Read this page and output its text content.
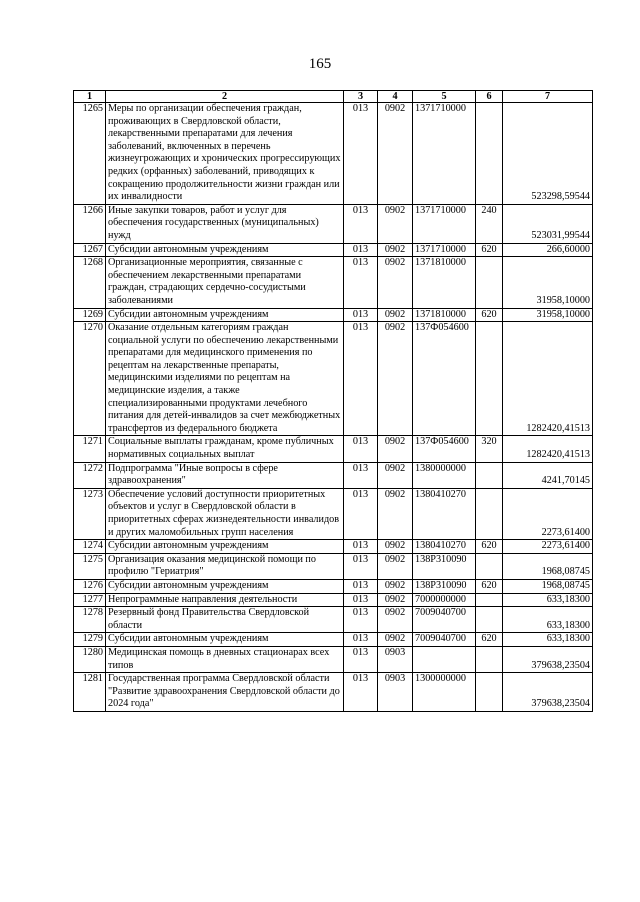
165
1	2	3	4	5	6	7
1265	Меры по организации обеспечения граждан, проживающих в Свердловской области, лекарственными препаратами для лечения заболеваний, включенных в перечень жизнеугрожающих и хронических прогрессирующих редких (орфанных) заболеваний, приводящих к сокращению продолжительности жизни граждан или их инвалидности	013	0902	1371710000		523298,59544
1266	Иные закупки товаров, работ и услуг для обеспечения государственных (муниципальных) нужд	013	0902	1371710000	240	523031,99544
1267	Субсидии автономным учреждениям	013	0902	1371710000	620	266,60000
1268	Организационные мероприятия, связанные с обеспечением лекарственными препаратами граждан, страдающих сердечно-сосудистыми заболеваниями	013	0902	1371810000		31958,10000
1269	Субсидии автономным учреждениям	013	0902	1371810000	620	31958,10000
1270	Оказание отдельным категориям граждан социальной услуги по обеспечению лекарственными препаратами для медицинского применения по рецептам на лекарственные препараты, медицинскими изделиями по рецептам на медицинские изделия, а также специализированными продуктами лечебного питания для детей-инвалидов за счет межбюджетных трансфертов из федерального бюджета	013	0902	137Ф054600		1282420,41513
1271	Социальные выплаты гражданам, кроме публичных нормативных социальных выплат	013	0902	137Ф054600	320	1282420,41513
1272	Подпрограмма "Иные вопросы в сфере здравоохранения"	013	0902	1380000000		4241,70145
1273	Обеспечение условий доступности приоритетных объектов и услуг в Свердловской области в приоритетных сферах жизнедеятельности инвалидов и других маломобильных групп населения	013	0902	1380410270		2273,61400
1274	Субсидии автономным учреждениям	013	0902	1380410270	620	2273,61400
1275	Организация оказания медицинской помощи по профилю "Гериатрия"	013	0902	138Р310090		1968,08745
1276	Субсидии автономным учреждениям	013	0902	138Р310090	620	1968,08745
1277	Непрограммные направления деятельности	013	0902	7000000000		633,18300
1278	Резервный фонд Правительства Свердловской области	013	0902	7009040700		633,18300
1279	Субсидии автономным учреждениям	013	0902	7009040700	620	633,18300
1280	Медицинская помощь в дневных стационарах всех типов	013	0903			379638,23504
1281	Государственная программа Свердловской области "Развитие здравоохранения Свердловской области до 2024 года"	013	0903	1300000000		379638,23504
